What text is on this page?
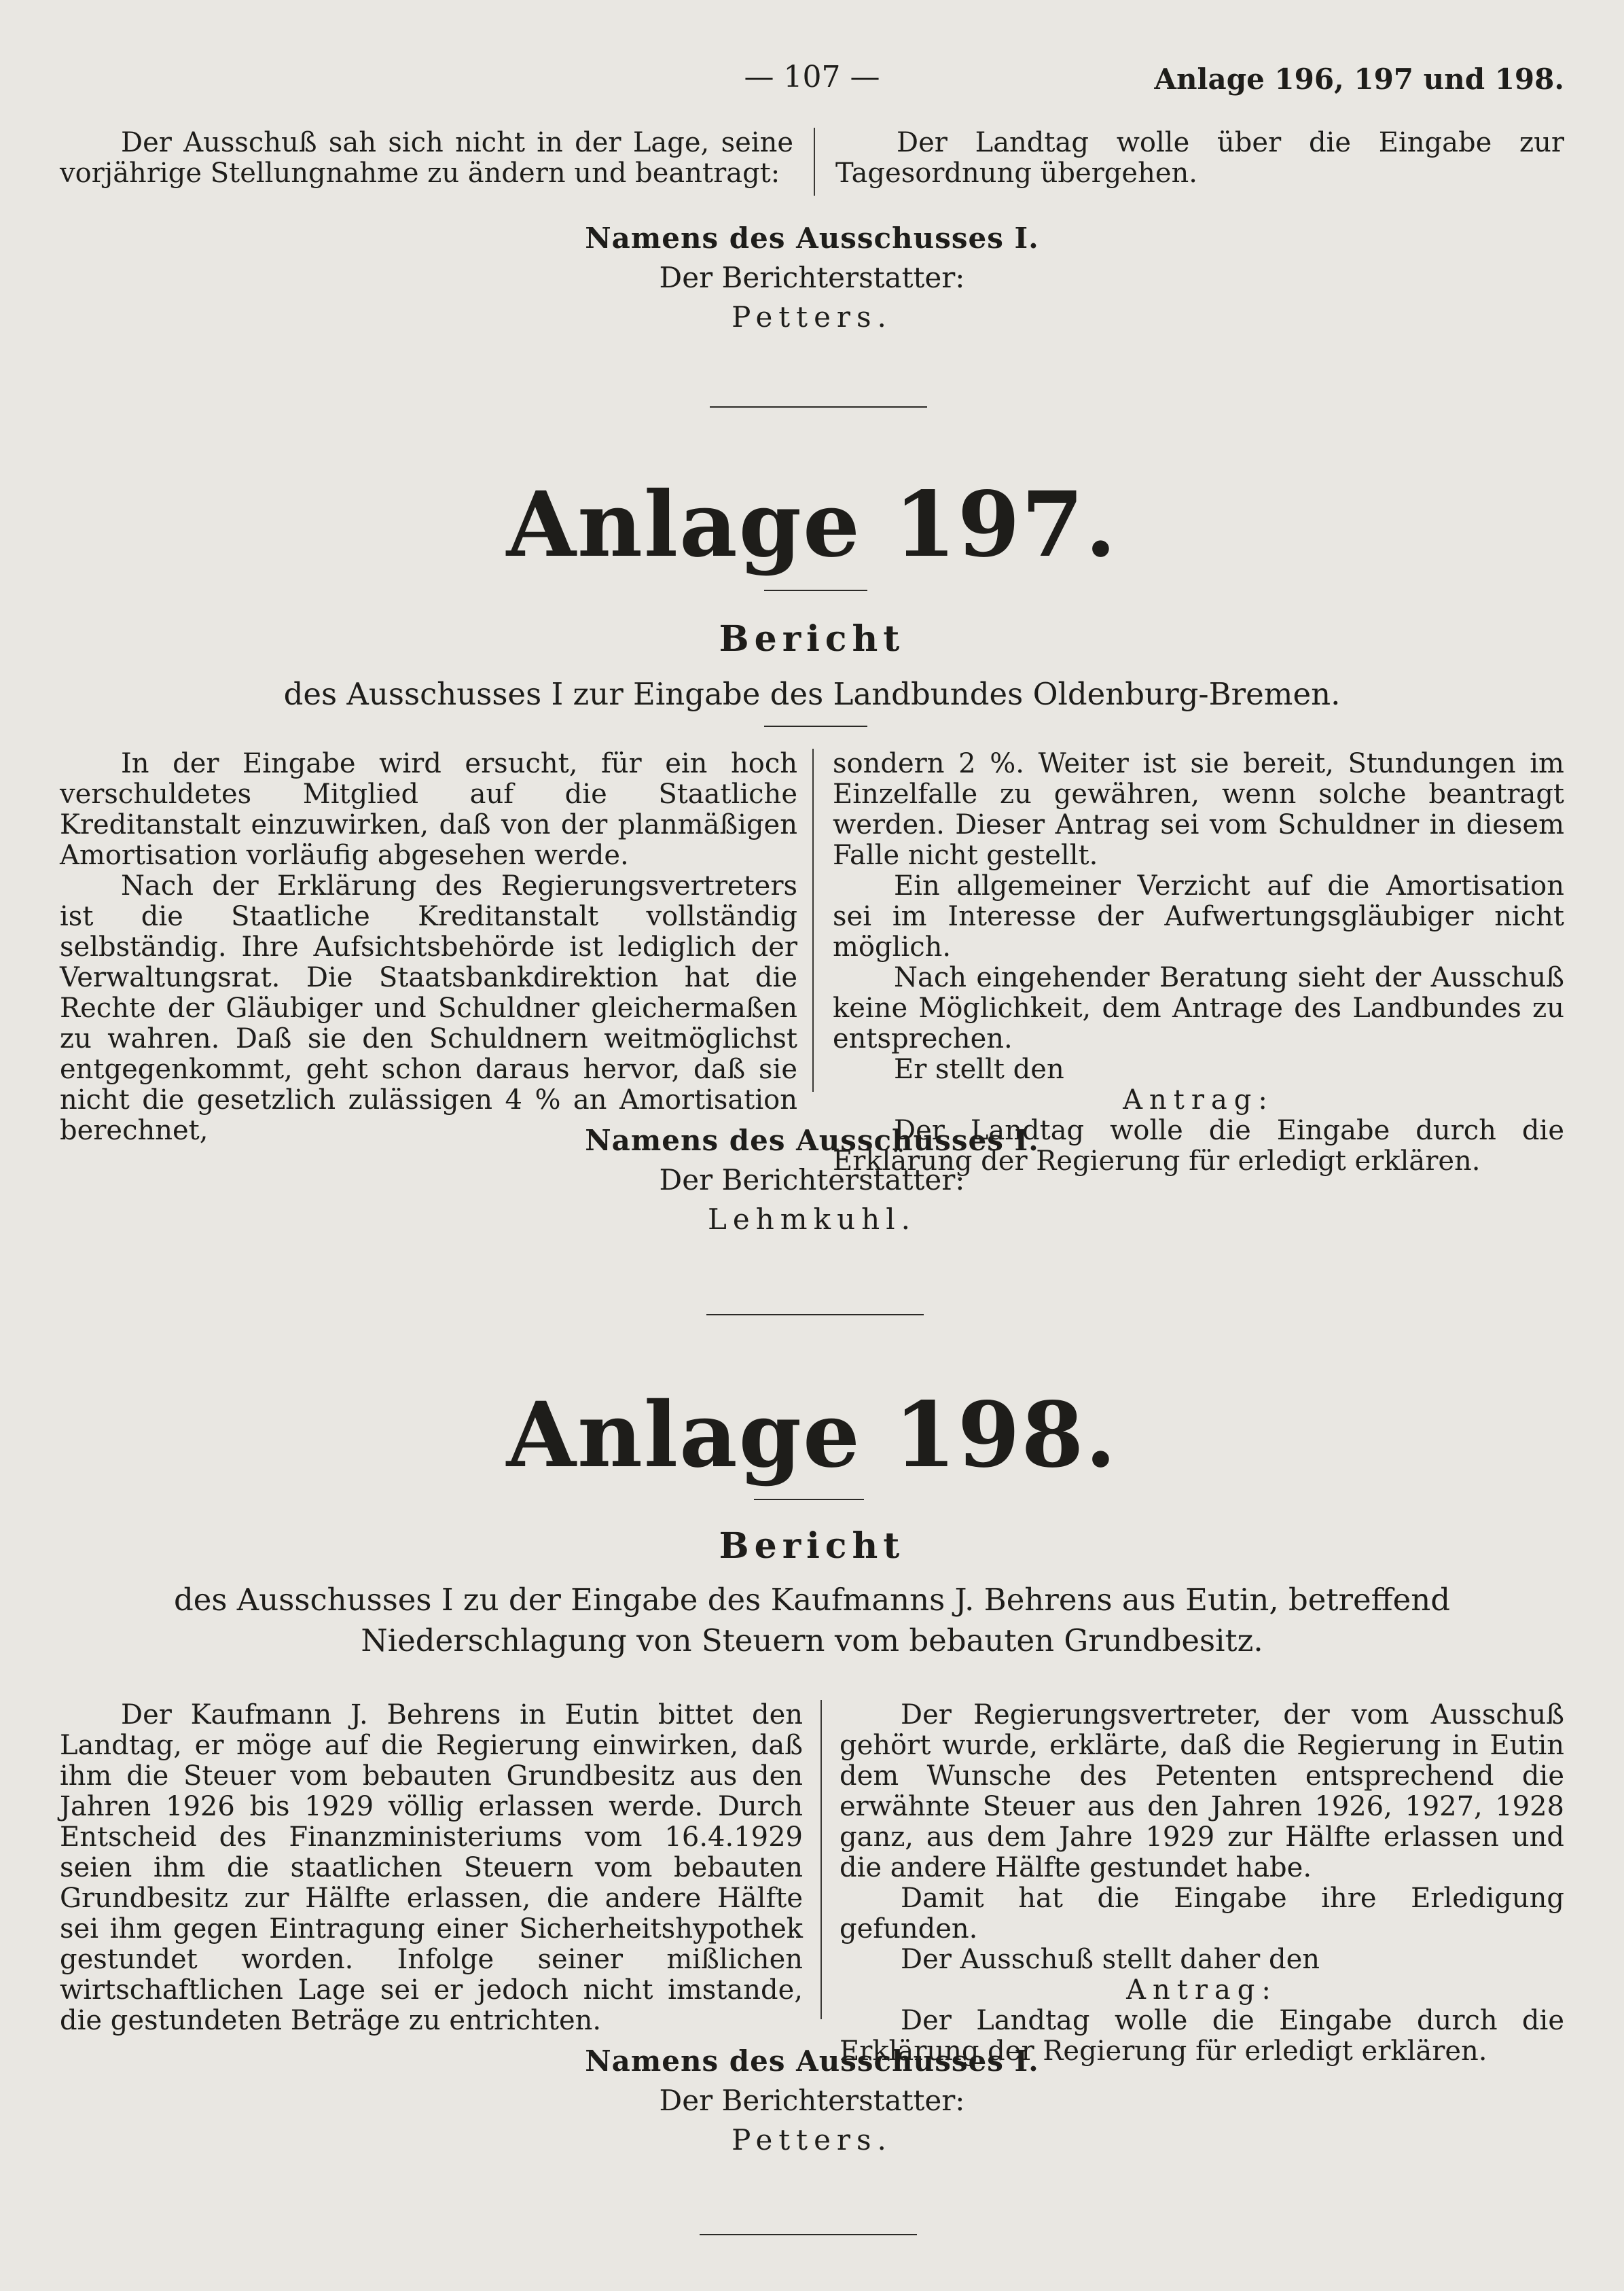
— 107 —	Anlage 196, 197 und 198.

Der Ausschuß sah sich nicht in der Lage, seine vorjährige Stellungnahme zu ändern und beantragt:

Der Landtag wolle über die Eingabe zur Tagesordnung übergehen.

Namens des Ausschusses I.
Der Berichterstatter:
Petters.
Anlage 197.
Bericht
des Ausschusses I zur Eingabe des Landbundes Oldenburg-Bremen.

In der Eingabe wird ersucht, für ein hoch verschuldetes Mitglied auf die Staatliche Kreditanstalt einzuwirken, daß von der planmäßigen Amortisation vorläufig abgesehen werde.

Nach der Erklärung des Regierungsvertreters ist die Staatliche Kreditanstalt vollständig selbständig. Ihre Aufsichtsbehörde ist lediglich der Verwaltungsrat. Die Staatsbankdirektion hat die Rechte der Gläubiger und Schuldner gleichermaßen zu wahren. Daß sie den Schuldnern weitmöglichst entgegenkommt, geht schon daraus hervor, daß sie nicht die gesetzlich zulässigen 4 % an Amortisation berechnet,

sondern 2 %. Weiter ist sie bereit, Stundungen im Einzelfalle zu gewähren, wenn solche beantragt werden. Dieser Antrag sei vom Schuldner in diesem Falle nicht gestellt.

Ein allgemeiner Verzicht auf die Amortisation sei im Interesse der Aufwertungsgläubiger nicht möglich.

Nach eingehender Beratung sieht der Ausschuß keine Möglichkeit, dem Antrage des Landbundes zu entsprechen.

Er stellt den

Antrag:

Der Landtag wolle die Eingabe durch die Erklärung der Regierung für erledigt erklären.

Namens des Ausschusses I.
Der Berichterstatter:
Lehmkuhl.
Anlage 198.
Bericht
des Ausschusses I zu der Eingabe des Kaufmanns J. Behrens aus Eutin, betreffend Niederschlagung von Steuern vom bebauten Grundbesitz.

Der Kaufmann J. Behrens in Eutin bittet den Landtag, er möge auf die Regierung einwirken, daß ihm die Steuer vom bebauten Grundbesitz aus den Jahren 1926 bis 1929 völlig erlassen werde. Durch Entscheid des Finanzministeriums vom 16.4.1929 seien ihm die staatlichen Steuern vom bebauten Grundbesitz zur Hälfte erlassen, die andere Hälfte sei ihm gegen Eintragung einer Sicherheitshypothek gestundet worden. Infolge seiner mißlichen wirtschaftlichen Lage sei er jedoch nicht imstande, die gestundeten Beträge zu entrichten.

Der Regierungsvertreter, der vom Ausschuß gehört wurde, erklärte, daß die Regierung in Eutin dem Wunsche des Petenten entsprechend die erwähnte Steuer aus den Jahren 1926, 1927, 1928 ganz, aus dem Jahre 1929 zur Hälfte erlassen und die andere Hälfte gestundet habe.

Damit hat die Eingabe ihre Erledigung gefunden.

Der Ausschuß stellt daher den

Antrag:

Der Landtag wolle die Eingabe durch die Erklärung der Regierung für erledigt erklären.

Namens des Ausschusses I.
Der Berichterstatter:
Petters.
